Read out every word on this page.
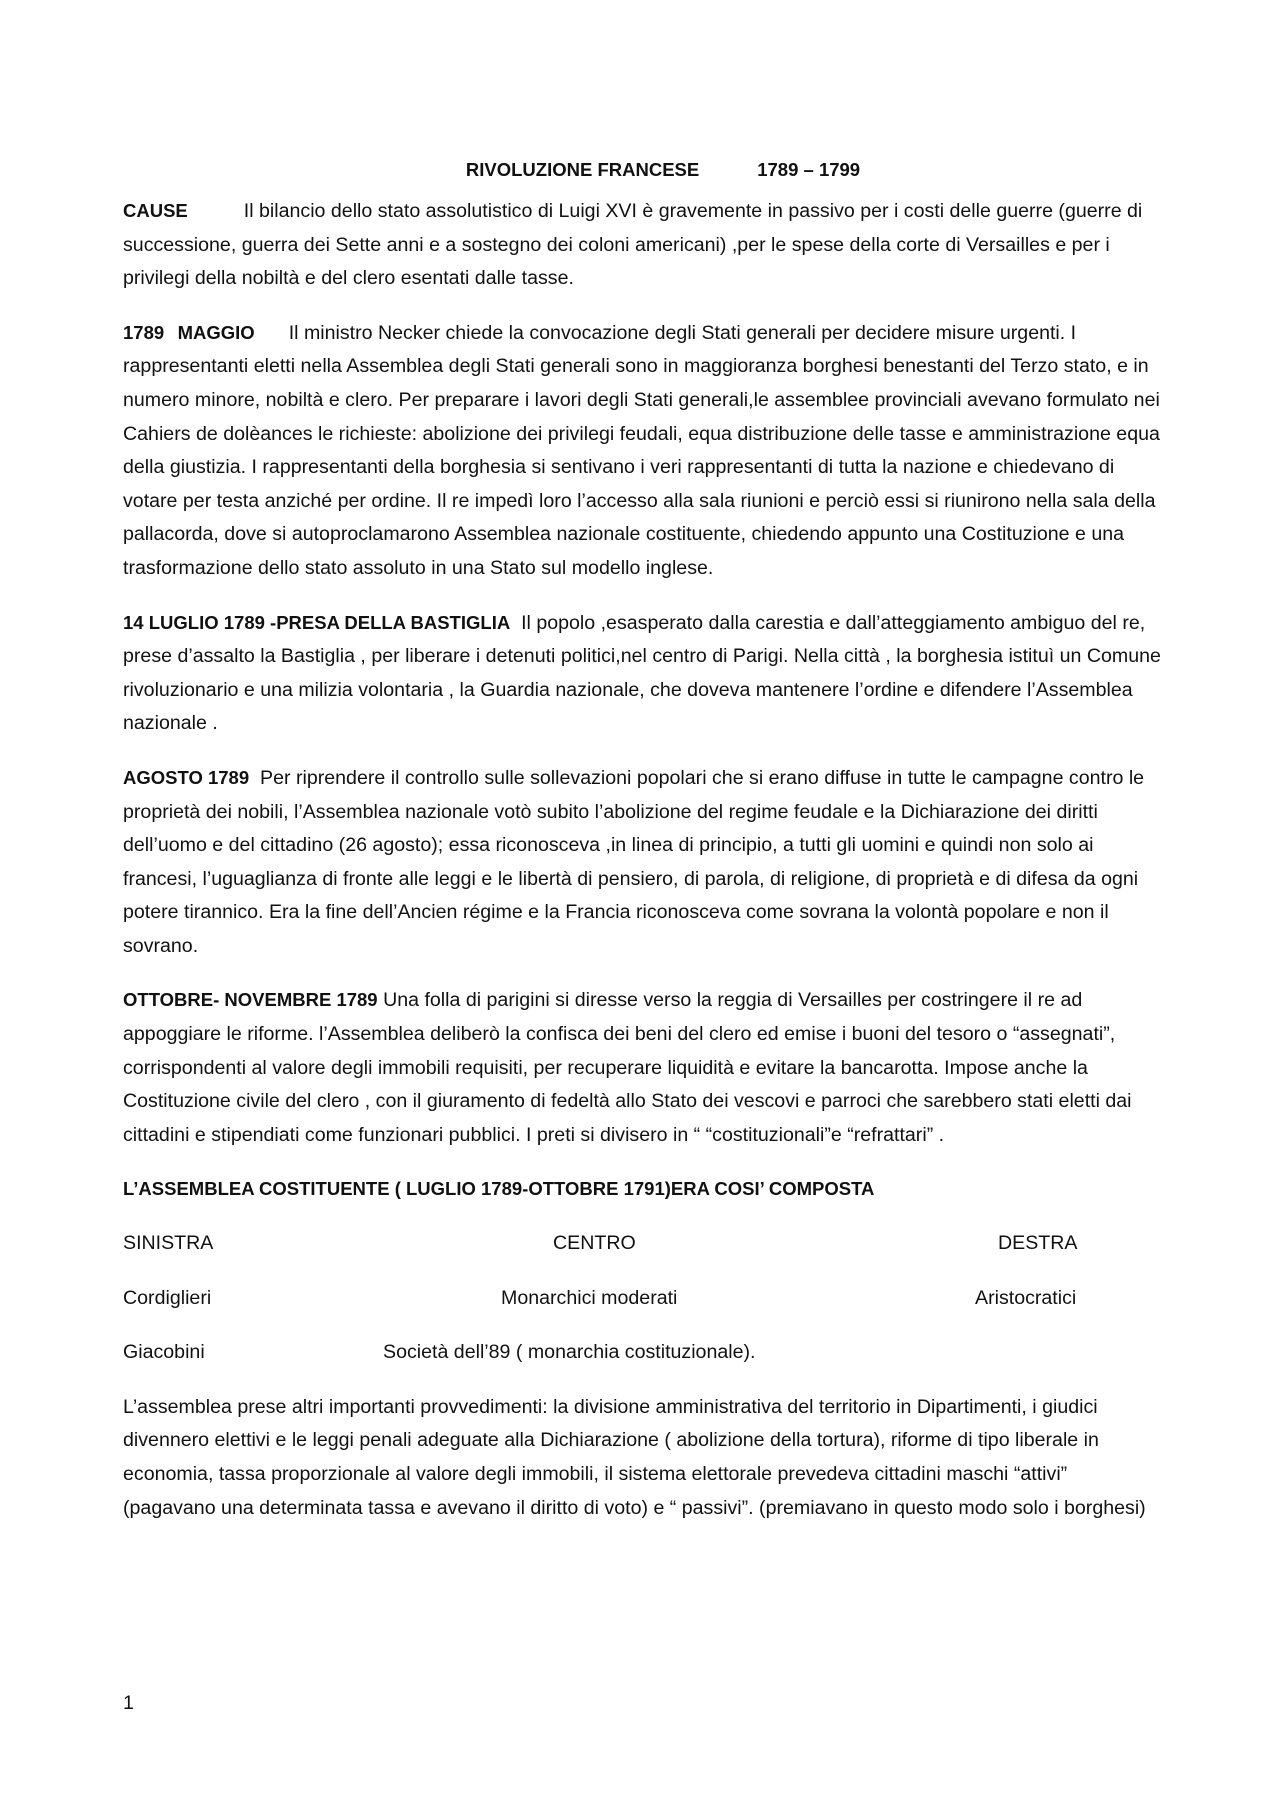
RIVOLUZIONE FRANCESE	1789 – 1799

CAUSE	Il bilancio dello stato assolutistico di Luigi XVI è gravemente in passivo per i costi delle guerre (guerre di successione, guerra dei Sette anni e a sostegno dei coloni americani) ,per le spese della corte di Versailles e per i privilegi della nobiltà e del clero esentati dalle tasse.

1789 MAGGIO Il ministro Necker chiede la convocazione degli Stati generali per decidere misure urgenti. I rappresentanti eletti nella Assemblea degli Stati generali sono in maggioranza borghesi benestanti del Terzo stato, e in numero minore, nobiltà e clero. Per preparare i lavori degli Stati generali,le assemblee provinciali avevano formulato nei Cahiers de dolèances le richieste: abolizione dei privilegi feudali, equa distribuzione delle tasse e amministrazione equa della giustizia. I rappresentanti della borghesia si sentivano i veri rappresentanti di tutta la nazione e chiedevano di votare per testa anziché per ordine. Il re impedì loro l’accesso alla sala riunioni e perciò essi si riunirono nella sala della pallacorda, dove si autoproclamarono Assemblea nazionale costituente, chiedendo appunto una Costituzione e una trasformazione dello stato assoluto in una Stato sul modello inglese.

14 LUGLIO 1789 -PRESA DELLA BASTIGLIA Il popolo ,esasperato dalla carestia e dall’atteggiamento ambiguo del re, prese d’assalto la Bastiglia , per liberare i detenuti politici,nel centro di Parigi. Nella città , la borghesia istituì un Comune rivoluzionario e una milizia volontaria , la Guardia nazionale, che doveva mantenere l’ordine e difendere l’Assemblea nazionale .

AGOSTO 1789 Per riprendere il controllo sulle sollevazioni popolari che si erano diffuse in tutte le campagne contro le proprietà dei nobili, l’Assemblea nazionale votò subito l’abolizione del regime feudale e la Dichiarazione dei diritti dell’uomo e del cittadino (26 agosto); essa riconosceva ,in linea di principio, a tutti gli uomini e quindi non solo ai francesi, l’uguaglianza di fronte alle leggi e le libertà di pensiero, di parola, di religione, di proprietà e di difesa da ogni potere tirannico. Era la fine dell’Ancien régime e la Francia riconosceva come sovrana la volontà popolare e non il sovrano.

OTTOBRE- NOVEMBRE 1789 Una folla di parigini si diresse verso la reggia di Versailles per costringere il re ad appoggiare le riforme. l’Assemblea deliberò la confisca dei beni del clero ed emise i buoni del tesoro o “assegnati”, corrispondenti al valore degli immobili requisiti, per recuperare liquidità e evitare la bancarotta. Impose anche la Costituzione civile del clero , con il giuramento di fedeltà allo Stato dei vescovi e parroci che sarebbero stati eletti dai cittadini e stipendiati come funzionari pubblici. I preti si divisero in “ “costituzionali”e “refrattari” .

L’ASSEMBLEA COSTITUENTE ( LUGLIO 1789-OTTOBRE 1791)ERA COSI’ COMPOSTA
SINISTRA	CENTRO	DESTRA
Cordiglieri	Monarchici moderati	Aristocratici
Giacobini	Società dell’89 ( monarchia costituzionale).

L’assemblea prese altri importanti provvedimenti: la divisione amministrativa del territorio in Dipartimenti, i giudici divennero elettivi e le leggi penali adeguate alla Dichiarazione ( abolizione della tortura), riforme di tipo liberale in economia, tassa proporzionale al valore degli immobili, il sistema elettorale prevedeva cittadini maschi “attivi” (pagavano una determinata tassa e avevano il diritto di voto) e “ passivi”. (premiavano in questo modo solo i borghesi)

1
